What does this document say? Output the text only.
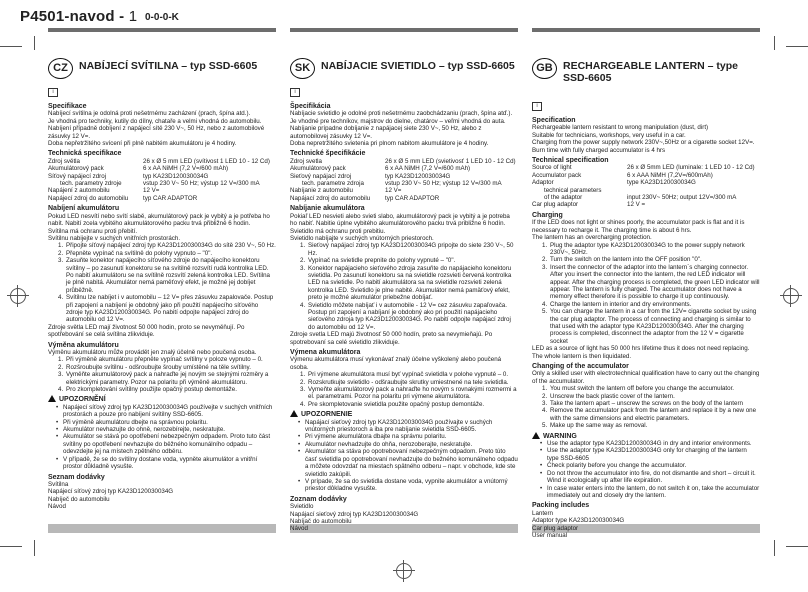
P4501-navod - 1 0-0-0-K
CZ	NABÍJECÍ SVÍTILNA – typ SSD-6605
i
Specifikace
Nabíjecí svítilna je odolná proti nešetrnému zacházení (prach, špína atd.).
Je vhodná pro techniky, kutily do dílny, chataře a velmi vhodná do automobilu.
Nabíjení případně dobíjení z napájecí sítě 230 V~, 50 Hz, nebo z automobilové zásuvky 12 V=.
Doba nepřetržitého svícení při plně nabitém akumulátoru je 4 hodiny.
Technická specifikace
Zdroj světla	26 x Ø 5 mm LED (svítivost 1 LED 10 - 12 Cd)
Akumulátorový pack	6 x AA NiMH (7,2 V=/600 mAh)
Síťový napájecí zdroj	typ KA23D120030034G
tech. parametry zdroje	vstup 230 V~ 50 Hz; výstup 12 V=/300 mA
Napájení z automobilu	12 V=
Napájecí zdroj do automobilu	typ CAR ADAPTOR
Nabíjení akumulátoru
Pokud LED nesvítí nebo svítí slabě, akumulátorový pack je vybitý a je potřeba ho nabít. Nabití zcela vybitého akumulátorového packu trvá přibližně 6 hodin.
Svítilna má ochranu proti přebití.
Svítilnu nabijejte v suchých vnitřních prostorách.
1. Připojte síťový napájecí zdroj typ KA23D120030034G do sítě 230 V~, 50 Hz.
2. Přepněte vypínač na svítilně do polohy vypnuto – "0".
3. Zasuňte konektor napájecího síťového zdroje do napájecího konektoru svítilny – po zasunutí konektoru se na svítilně rozsvítí rudá kontrolka LED. Po nabití akumulátoru se na svítilně rozsvítí zelená kontrolka LED. Svítilna je plně nabitá. Akumulátor nemá paměťový efekt, je možné jej dobíjet průběžně.
4. Svítilnu lze nabíjet i v automobilu – 12 V= přes zásuvku zapalovače. Postup při zapojení a nabíjení je obdobný jako při použití napájecího síťového zdroje typ KA23D120030034G. Po nabití odpojte napájecí zdroj do automobilu od 12 V=.
Zdroje světla LED mají životnost 50 000 hodin, proto se nevyměňují. Po spotřebování se celá svítilna zlikviduje.
Výměna akumulátoru
Výměnu akumulátoru může provádět jen znalý účelně nebo poučená osoba.
1. Při výměně akumulátoru přepněte vypínač svítilny v poloze vypnuto – 0.
2. Rozšroubujte svítilnu - odšroubujte šrouby umístěné na těle svítilny.
3. Vyměňte akumulátorový pack a nahraďte jej novým se stejnými rozměry a elektrickými parametry. Pozor na polaritu při výměně akumulátoru.
4. Pro zkompletování svítilny použijte opačný postup demontáže.
UPOZORNĚNÍ
• Napájecí síťový zdroj typ KA23D120030034G používejte v suchých vnitřních prostorách a pouze pro nabíjení svítilny SSD-6605.
• Při výměně akumulátoru dbejte na správnou polaritu.
• Akumulátor nevhazujte do ohně, nerozebírejte, neskratujte.
• Akumulátor se stává po opotřebení nebezpečným odpadem. Proto tuto část svítilny po opotřebení nevhazujte do běžného komunálního odpadu – odevzdejte jej na místech zpětného odběru.
• V případě, že se do svítilny dostane voda, vypněte akumulátor a vnitřní prostor důkladně vysušte.
Seznam dodávky
Svítilna
Napájecí síťový zdroj typ KA23D120030034G
Nabíječ do automobilu
Návod
SK	NABÍJACIE SVIETIDLO – typ SSD-6605
i
Špecifikácia
Nabíjacie svietidlo je odolné proti nešetrnému zaobchádzaniu (prach, špína atď.).
Je vhodné pre techníkov, majstrov do dielne, chatárov – veľmi vhodná do auta.
Nabíjanie prípadne dobíjanie z napájacej siete 230 V~, 50 Hz, alebo z automobilovej zásuvky 12 V=.
Doba nepretržitého svietenia pri plnom nabitom akumulátore je 4 hodiny.
Technické špecifikácie
Zdroj svetla	26 x Ø 5 mm LED (svietivosť 1 LED 10 - 12 Cd)
Akumulátorový pack	6 x AA NiMH (7,2 V=/600 mAh)
Sieťový napájací zdroj	typ KA23D120030034G
tech. parametre zdroja	vstup 230 V~ 50 Hz; výstup 12 V=/300 mA
Nabíjanie z automobilu	12 V=
Napájací zdroj do automobilu	typ CAR ADAPTOR
Nabíjanie akumulátora
Pokiaľ LED nesvieti alebo svieti slabo, akumulátorový pack je vybitý a je potreba ho nabiť. Nabitie úplne vybitého akumulátorového packu trvá približne 6 hodín.
Svietidlo má ochranu proti prebitiu.
Svietidlo nabíjajte v suchých vnútorných priestoroch.
1. Sieťový napájací zdroj typ KA23D120030034G pripojte do siete 230 V~, 50 Hz.
2. Vypínač na svietidle prepnite do polohy vypnuté – "0".
3. Konektor napájacieho sieťového zdroja zasuňte do napájacieho konektoru svietidla. Po zasunutí konektoru sa na svietidle rozsvieti červená kontrolka LED na svietidle. Po nabití akumulátora sa na svietidle rozsvieti zelená kontrolka LED. Svietidlo je plne nabité. Akumulátor nemá pamäťový efekt, preto je možné akumulátor priebežne dobíjať.
4. Svietidlo môžete nabíjať i v automobile - 12 V= cez zásuvku zapaľovača. Postup pri zapojení a nabíjaní je obdobný ako pri použití napájacieho sieťového zdroja typ KA23D120030034G. Po nabití odpojte napájací zdroj do automobilu od 12 V=.
Zdroje svetla LED majú životnosť 50 000 hodín, preto sa nevymieňajú. Po spotrebovaní sa celé svietidlo zlikviduje.
Výmena akumulátora
Výmenu akumulátora musí vykonávať znalý účelne vyškolený alebo poučená osoba.
1. Pri výmene akumulátora musí byť vypínač svietidla v polohe vypnuté – 0.
2. Rozskrutkujte svietidlo - odšraubujte skrutky umiestnené na tele svietidla.
3. Vymeňte akumulátorový pack a nahraďte ho novým s rovnakými rozmermi a el. parametrami. Pozor na polaritu pri výmene akumulátora.
4. Pre skompletovanie svietidla použite opačný postup demontáže.
UPOZORNENIE
• Napájací sieťový zdroj typ KA23D120030034G používajte v suchých vnútorných priestoroch a iba pre nabíjanie svietidla SSD-6605.
• Pri výmene akumulátora dbajte na správnu polaritu.
• Akumulátor nevhadzujte do ohňa, nerozoberajte, neskratujte.
• Akumulátor sa stáva po opotrebovaní nebezpečným odpadom. Preto túto časť svietidla po opotrebovaní nevhadzujte do bežného komunálneho odpadu a môžete odovzdať na miestach spätného odberu – napr. v obchode, kde ste svietidlo zakúpili.
• V prípade, že sa do svietidla dostane voda, vypnite akumulátor a vnútorný priestor dôkladne vysušte.
Zoznam dodávky
Svietidlo
Napájací sieťový zdroj typ KA23D120030034G
Nabíjač do automobilu
Návod
GB RECHARGEABLE LANTERN – type SSD-6605
i
Specification
Rechargeable lantern resistant to wrong manipulation (dust, dirt)
Suitable for technicians, workshops, very useful in a car.
Charging from the power supply network 230V~,50Hz or a cigarette socket 12V=.
Burn time with fully charged accumulator is 4 hrs
Technical specification
Source of light	26 x Ø 5mm LED (luminale: 1 LED 10 - 12 Cd)
Accumulator pack	6 x AAA NiMH (7,2V=/600mAh)
Adaptor	type KA23D120030034G
technical parameters
of the adaptor	input 230V~ 50Hz; output 12V=/300 mA
Car plug adaptor	12 V =
Charging
If the LED does not light or shines poorly, the accumulator pack is flat and it is necessary to recharge it. The charging time is about 6 hrs.
The lantern has an overcharging protection.
1. Plug the adaptor type KA23D120030034G to the power supply network 230V~, 50Hz.
2. Turn the switch on the lantern into the OFF position "0".
3. Insert the connector of the adaptor into the lantern´s charging connector. After you insert the connector into the lantern, the red LED indicator will appear. After the charging process is completed, the green LED indicator will appear. The lantern is fully charged. The accumulator does not have a memory effect therefore it is possible to charge it up continuously.
4. Charge the lantern in interior and dry environments.
5. You can charge the lantern in a car from the 12V= cigarette socket by using the car plug adaptor. The process of connecting and charging is similar to that used with the adaptor type KA23D120030034G. After the charging process is completed, disconnect the adaptor from the 12 V = cigarette socket
LED as a source of light has 50 000 hrs lifetime thus it does not need replacing. The whole lantern is then liquidated.
Changing of the accumulator
Only a skilled user with electrotechnical qualification have to carry out the changing of the accumulator.
1. You must switch the lantern off before you change the accumulator.
2. Unscrew the back plastic cover of the lantern.
3. Take the lantern apart – unscrew the screws on the body of the lantern
4. Remove the accumulator pack from the lantern and replace it by a new one with the same dimensions and electric parameters.
5. Make up the same way as removal.
WARNING
• Use the adaptor type KA23D120030034G in dry and interior environments.
• Use the adaptor type KA23D120030034G only for charging of the lantern type SSD-6605
• Check polarity before you change the accumulator.
• Do not throw the accumulator into fire, do not dismantle and short – circuit it. Wind it ecologically up after life expiration.
• In case water enters into the lantern, do not switch it on, take the accumulator immediately out and closely dry the lantern.
Packing includes
Lantern
Adaptor type KA23D120030034G
Car plug adaptor
User manual
